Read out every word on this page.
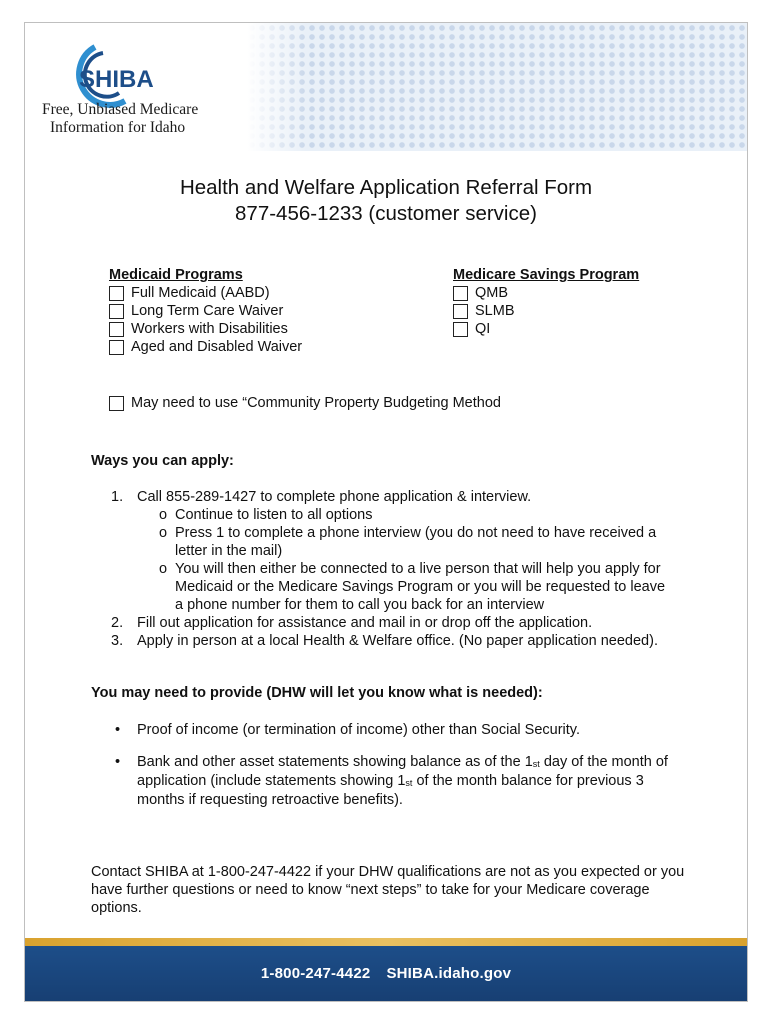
SHIBA
Free, Unbiased Medicare
Information for Idaho
Health and Welfare Application Referral Form
877-456-1233 (customer service)
Medicaid Programs
Full Medicaid (AABD)
Long Term Care Waiver
Workers with Disabilities
Aged and Disabled Waiver
Medicare Savings Program
QMB
SLMB
QI
May need to use “Community Property Budgeting Method
Ways you can apply:
1. Call 855-289-1427 to complete phone application & interview.
o Continue to listen to all options
o Press 1 to complete a phone interview (you do not need to have received a letter in the mail)
o You will then either be connected to a live person that will help you apply for Medicaid or the Medicare Savings Program or you will be requested to leave a phone number for them to call you back for an interview
2. Fill out application for assistance and mail in or drop off the application.
3. Apply in person at a local Health & Welfare office. (No paper application needed).
You may need to provide (DHW will let you know what is needed):
•	Proof of income (or termination of income) other than Social Security.
•	Bank and other asset statements showing balance as of the 1st day of the month of application (include statements showing 1st of the month balance for previous 3 months if requesting retroactive benefits).
Contact SHIBA at 1-800-247-4422 if your DHW qualifications are not as you expected or you have further questions or need to know “next steps” to take for your Medicare coverage options.
1-800-247-4422 SHIBA.idaho.gov
